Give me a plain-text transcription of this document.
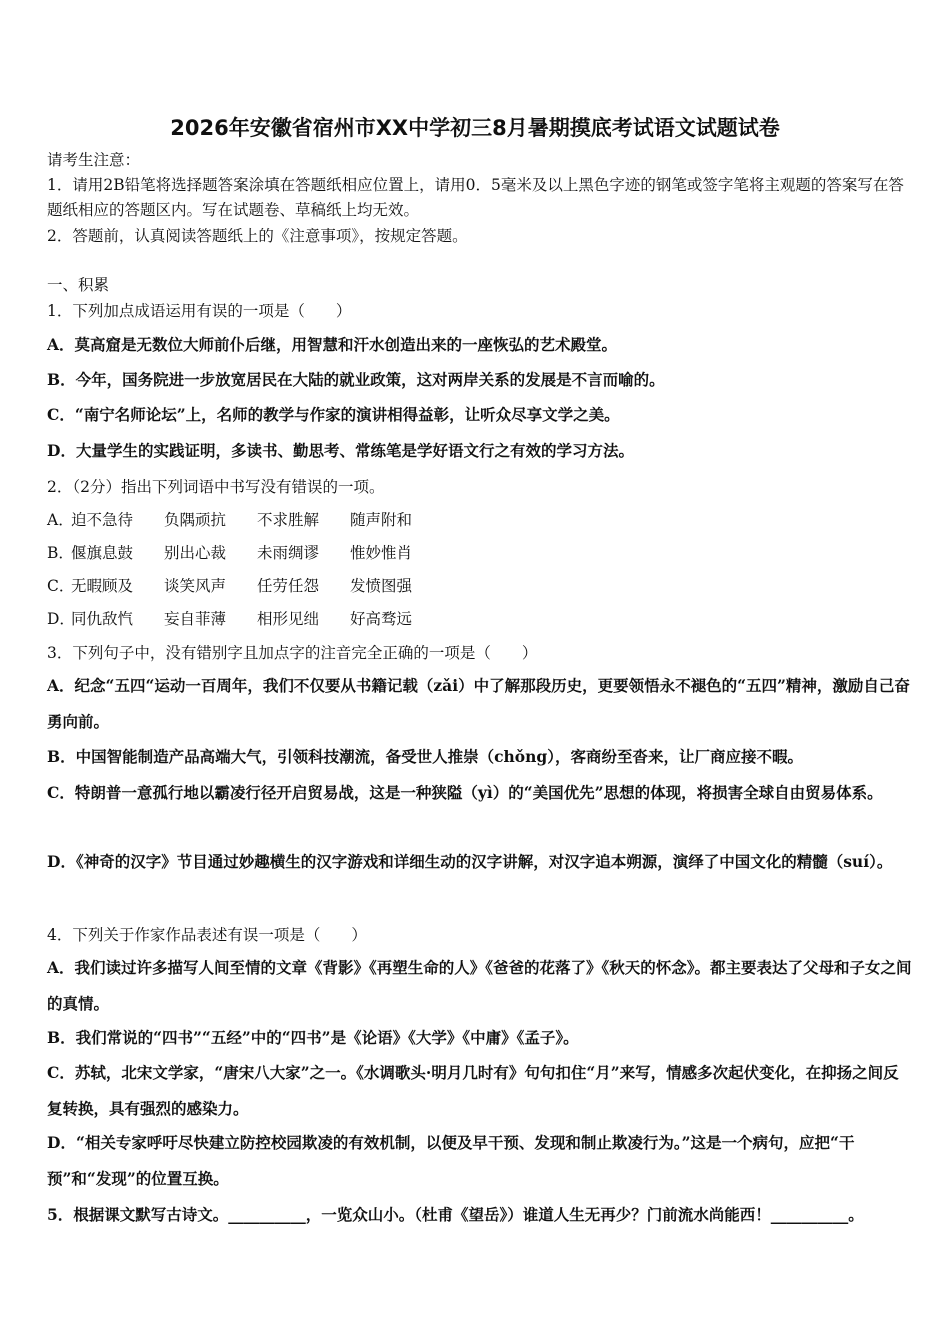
2026年安徽省宿州市XX中学初三8月暑期摸底考试语文试题试卷
请考生注意：
1．请用2B铅笔将选择题答案涂填在答题纸相应位置上，请用0．5毫米及以上黑色字迹的钢笔或签字笔将主观题的答案写在答题纸相应的答题区内。写在试题卷、草稿纸上均无效。
2．答题前，认真阅读答题纸上的《注意事项》，按规定答题。
一、积累
1．下列加点成语运用有误的一项是（　　）
A．莫高窟是无数位大师前仆后继，用智慧和汗水创造出来的一座恢弘的艺术殿堂。
B．今年，国务院进一步放宽居民在大陆的就业政策，这对两岸关系的发展是不言而喻的。
C．“南宁名师论坛”上，名师的教学与作家的演讲相得益彰，让听众尽享文学之美。
D．大量学生的实践证明，多读书、勤思考、常练笔是学好语文行之有效的学习方法。
2．（2分）指出下列词语中书写没有错误的一项。
A．迫不急待 负隅顽抗 不求胜解 随声附和
B．偃旗息鼓 别出心裁 未雨绸谬 惟妙惟肖
C．无暇顾及 谈笑风声 任劳任怨 发愤图强
D．同仇敌忾 妄自菲薄 相形见绌 好高骛远
3．下列句子中，没有错别字且加点字的注音完全正确的一项是（　　）
A．纪念“五四“运动一百周年，我们不仅要从书籍记载（zǎi）中了解那段历史，更要领悟永不褪色的“五四”精神，激励自己奋勇向前。
B．中国智能制造产品高端大气，引领科技潮流，备受世人推崇（chǒng），客商纷至沓来，让厂商应接不暇。
C．特朗普一意孤行地以霸凌行径开启贸易战，这是一种狭隘（yì）的“美国优先”思想的体现，将损害全球自由贸易体系。
D．《神奇的汉字》节目通过妙趣横生的汉字游戏和详细生动的汉字讲解，对汉字追本朔源，演绎了中国文化的精髓（suí）。
4．下列关于作家作品表述有误一项是（　　）
A．我们读过许多描写人间至情的文章《背影》《再塑生命的人》《爸爸的花落了》《秋天的怀念》。都主要表达了父母和子女之间的真情。
B．我们常说的“四书”“五经”中的“四书”是《论语》《大学》《中庸》《孟子》。
C．苏轼，北宋文学家，“唐宋八大家”之一。《水调歌头·明月几时有》句句扣住“月”来写，情感多次起伏变化，在抑扬之间反复转换，具有强烈的感染力。
D．“相关专家呼吁尽快建立防控校园欺凌的有效机制，以便及早干预、发现和制止欺凌行为。”这是一个病句，应把“干预”和“发现”的位置互换。
5．根据课文默写古诗文。__________，一览众山小。（杜甫《望岳》）谁道人生无再少？门前流水尚能西！__________。
